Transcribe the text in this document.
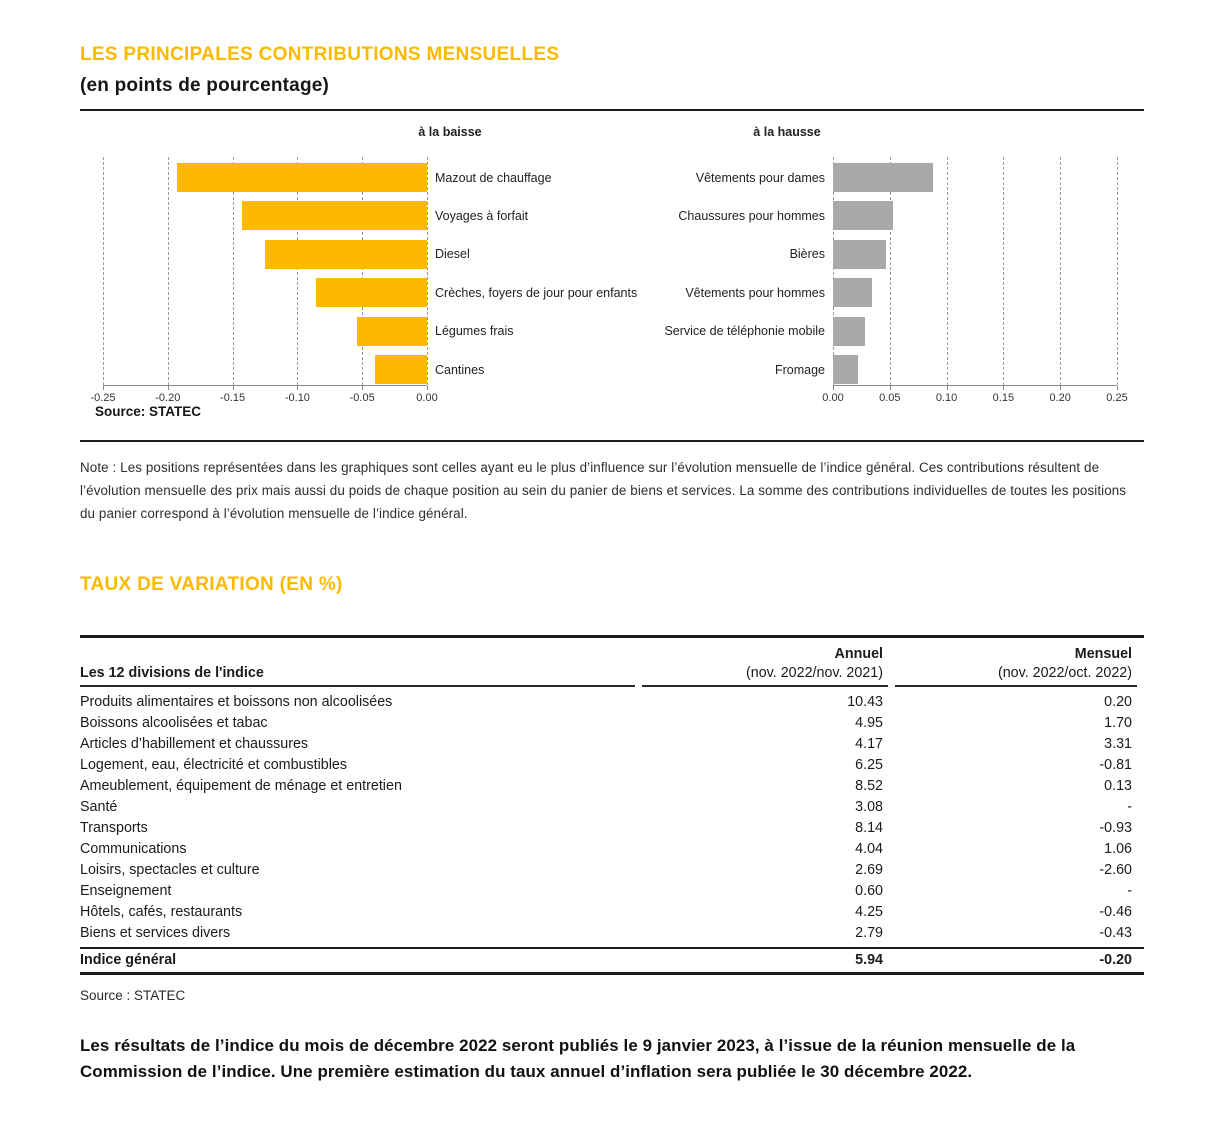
LES PRINCIPALES CONTRIBUTIONS MENSUELLES
(en points de pourcentage)
à la baisse	à la hausse
-0.25	-0.20	-0.15	-0.10	-0.05	0.00
Mazout de chauffage
Voyages à forfait
Diesel
Crèches, foyers de jour pour enfants
Légumes frais
Cantines
Vêtements pour dames
Chaussures pour hommes
Bières
Vêtements pour hommes
Service de téléphonie mobile
Fromage
0.00	0.05	0.10	0.15	0.20	0.25
Source: STATEC

Note : Les positions représentées dans les graphiques sont celles ayant eu le plus d’influence sur l’évolution mensuelle de l’indice général. Ces contributions résultent de l’évolution mensuelle des prix mais aussi du poids de chaque position au sein du panier de biens et services. La somme des contributions individuelles de toutes les positions du panier correspond à l’évolution mensuelle de l’indice général.

TAUX DE VARIATION (EN %)
Annuel	Mensuel
Les 12 divisions de l'indice	(nov. 2022/nov. 2021)	(nov. 2022/oct. 2022)
Produits alimentaires et boissons non alcoolisées	10.43	0.20
Boissons alcoolisées et tabac	4.95	1.70
Articles d’habillement et chaussures	4.17	3.31
Logement, eau, électricité et combustibles	6.25	-0.81
Ameublement, équipement de ménage et entretien	8.52	0.13
Santé	3.08	-
Transports	8.14	-0.93
Communications	4.04	1.06
Loisirs, spectacles et culture	2.69	-2.60
Enseignement	0.60	-
Hôtels, cafés, restaurants	4.25	-0.46
Biens et services divers	2.79	-0.43
Indice général	5.94	-0.20

Source : STATEC

Les résultats de l’indice du mois de décembre 2022 seront publiés le 9 janvier 2023, à l’issue de la réunion mensuelle de la Commission de l’indice. Une première estimation du taux annuel d’inflation sera publiée le 30 décembre 2022.
